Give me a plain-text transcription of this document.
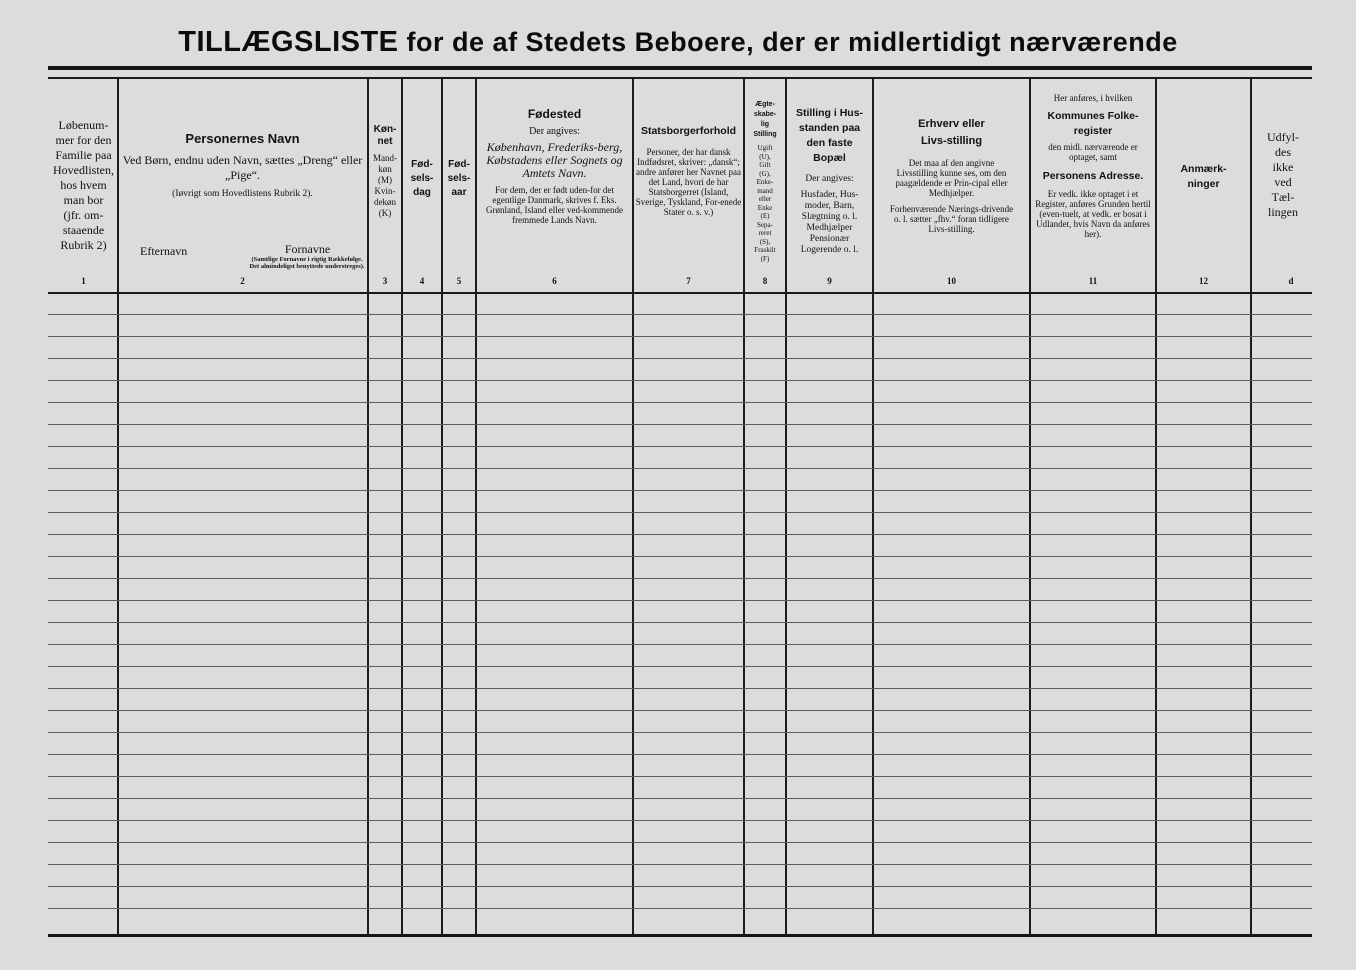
TILLÆGSLISTE for de af Stedets Beboere, der er midlertidigt nærværende
Løbenum-
mer for den
Familie paa
Hovedlisten,
hos hvem
man bor
(jfr. om-
staaende
Rubrik 2)
Personernes Navn
Ved Børn, endnu uden Navn, sættes „Dreng“ eller „Pige“.
(Iøvrigt som Hovedlistens Rubrik 2).
Efternavn	Fornavne
(Samtlige Fornavne i rigtig Rækkefølge. Det almindeligst benyttede understreges).
Køn-net
Mand-
køn
(M)
Kvin-
dekøn
(K)
Fød-sels-dag
Fød-sels-aar
Fødested
Der angives:
København, Frederiks-berg, Købstadens eller Sognets og Amtets Navn.
For dem, der er født uden-for det egentlige Danmark, skrives f. Eks. Grønland, Island eller ved-kommende fremmede Lands Navn.
Statsborgerforhold
Personer, der har dansk Indfødsret, skriver: „dansk“; andre anfører her Navnet paa det Land, hvori de har Statsborgerret (Island, Sverige, Tyskland, For-enede Stater o. s. v.)
Ægte-skabe-lig Stilling
Ugift
(U),
Gift
(G),
Enke-
mand
eller
Enke
(E)
Sepa-
reret
(S),
Fraskilt
(F)
Stilling i Hus-standen paa den faste Bopæl
Der angives:
Husfader, Hus-moder, Barn, Slægtning o. l. Medhjælper Pensionær Logerende o. l.
Erhverv eller Livs-stilling
Det maa af den angivne Livsstilling kunne ses, om den paagældende er Prin-cipal eller Medhjælper.
Forhenværende Nærings-drivende o. l. sætter „fhv.“ foran tidligere Livs-stilling.
Her anføres, i hvilken
Kommunes Folke-register
den midl. nærværende er optaget, samt
Personens Adresse.
Er vedk. ikke optaget i et Register, anføres Grunden hertil (even-tuelt, at vedk. er bosat i Udlandet, hvis Navn da anføres her).
Anmærk-ninger
Udfyl-
des
ikke
ved
Tæl-
lingen
1	2	3	4	5	6	7	8	9	10	11	12	d
